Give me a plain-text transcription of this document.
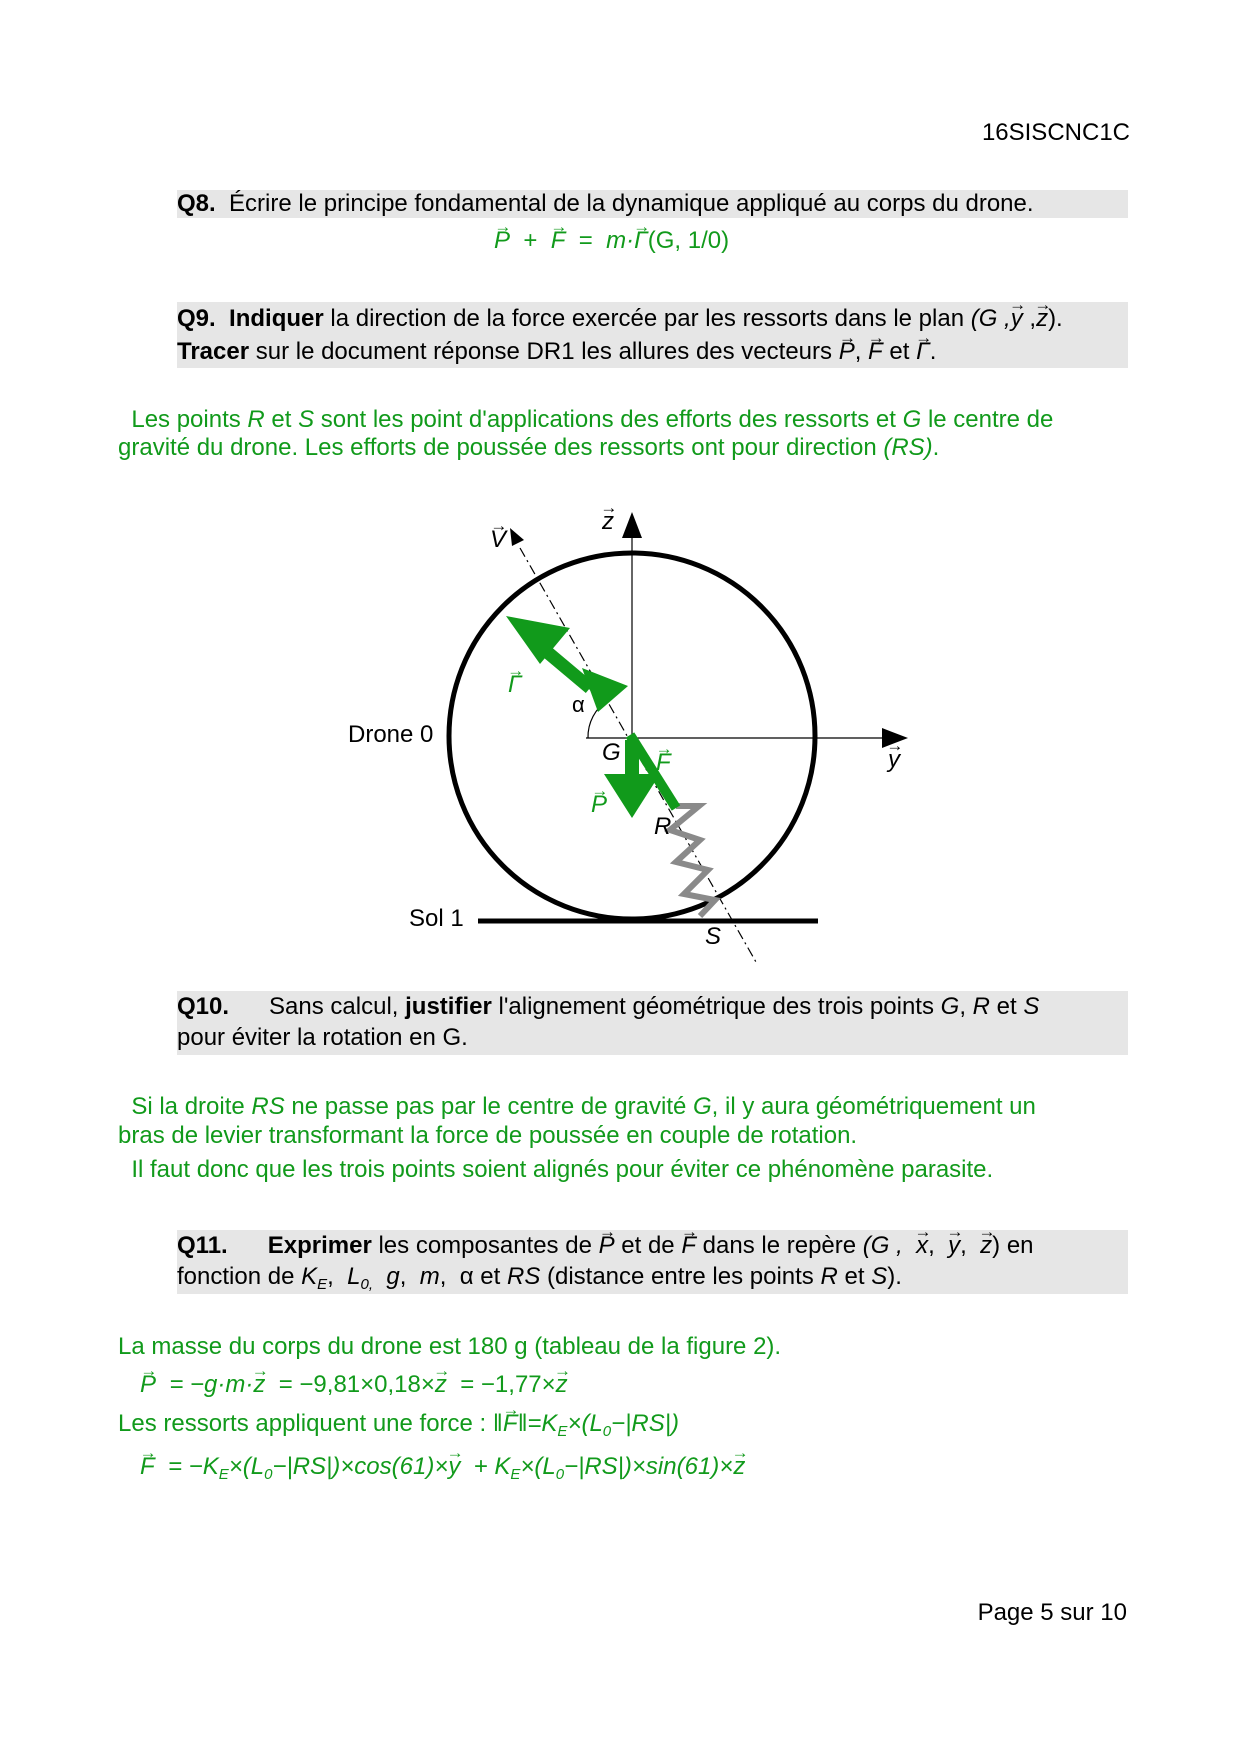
16SISCNC1C
Page 5 sur 10

Q8. Écrire le principe fondamental de la dynamique appliqué au corps du drone.

→ P + → F = m·→ Γ(G, 1/0)

Q9. Indiquer la direction de la force exercée par les ressorts dans le plan (G ,→ y ,→ z).

Tracer sur le document réponse DR1 les allures des vecteurs → P, → F et → Γ.

Les points R et S sont les point d'applications des efforts des ressorts et G le centre de
gravité du drone. Les efforts de poussée des ressorts ont pour direction (RS).
→ V
→ z
→ y
→ Γ
α
Drone 0
G → F
→ P
R
Sol 1
S

Q10. Sans calcul, justifier l'alignement géométrique des trois points G, R et S

pour éviter la rotation en G.

Si la droite RS ne passe pas par le centre de gravité G, il y aura géométriquement un
bras de levier transformant la force de poussée en couple de rotation.
Il faut donc que les trois points soient alignés pour éviter ce phénomène parasite.

Q11. Exprimer les composantes de → P et de → F dans le repère (G , → x, → y, → z) en

fonction de $K_E$,  $L_{0,}$ g,  m,  α et RS (distance entre les points R et S).

La masse du corps du drone est 180 g (tableau de la figure 2).
→ P = −g·m·→ z = −9,81×0,18×→ z = −1,77×→ z
Les ressorts appliquent une force : ‖→ $F‖=K_E\times(L_0-|RS|)$
→ $F = -K_E\times(L_0-|RS|)\times\cos(61)\times\to y + K_E\times(L_0-|RS|)\times\sin(61)\times\to z$
